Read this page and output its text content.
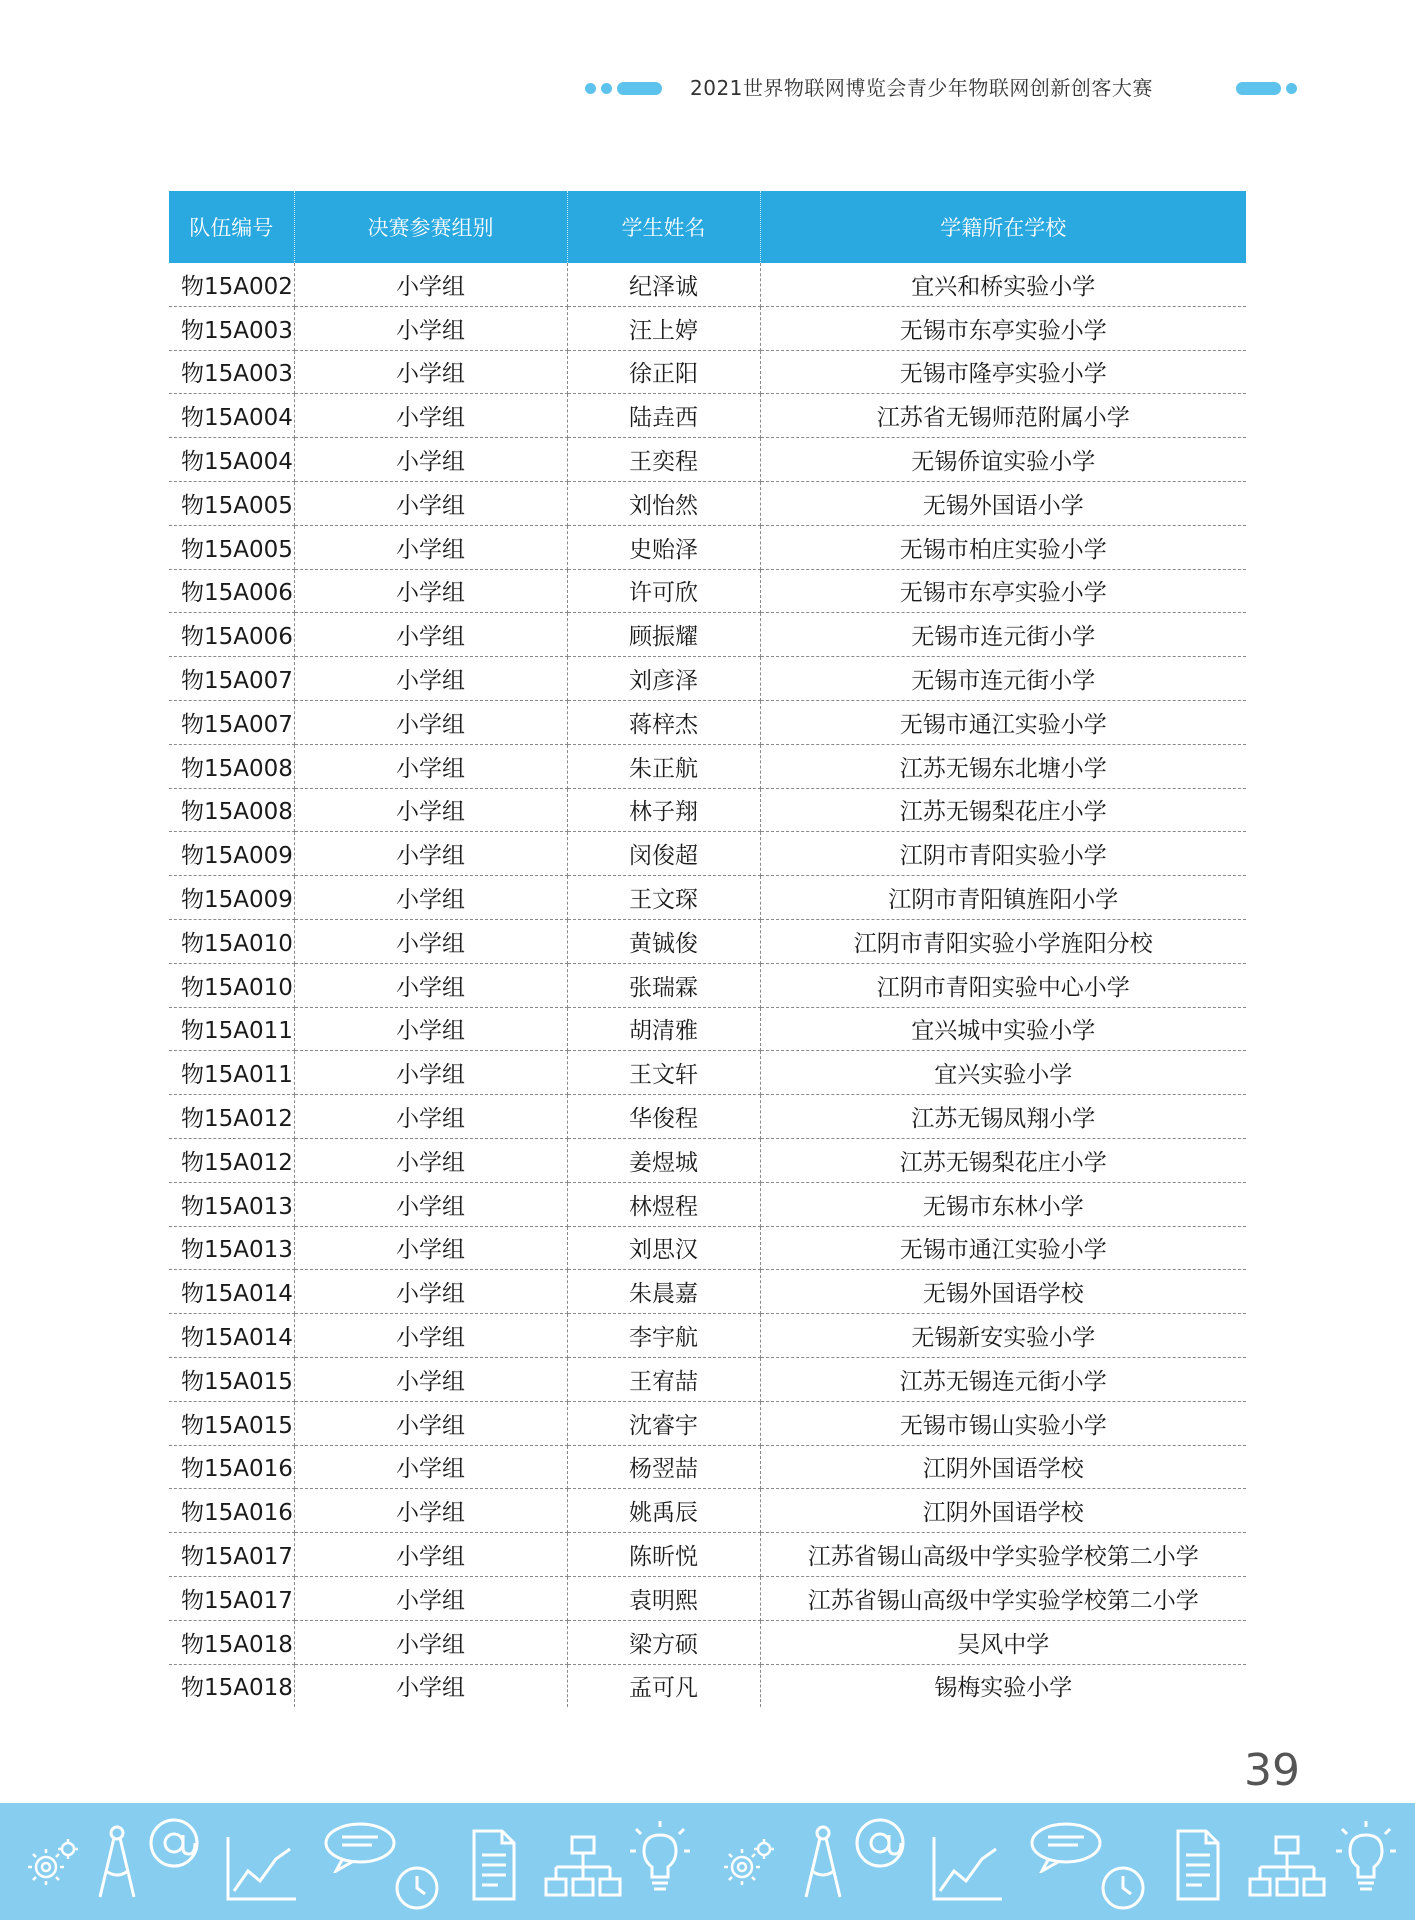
2021世界物联网博览会青少年物联网创新创客大赛
队伍编号	决赛参赛组别	学生姓名	学籍所在学校
物15A002	小学组	纪泽诚	宜兴和桥实验小学
物15A003	小学组	汪上婷	无锡市东亭实验小学
物15A003	小学组	徐正阳	无锡市隆亭实验小学
物15A004	小学组	陆垚西	江苏省无锡师范附属小学
物15A004	小学组	王奕程	无锡侨谊实验小学
物15A005	小学组	刘怡然	无锡外国语小学
物15A005	小学组	史贻泽	无锡市柏庄实验小学
物15A006	小学组	许可欣	无锡市东亭实验小学
物15A006	小学组	顾振耀	无锡市连元街小学
物15A007	小学组	刘彦泽	无锡市连元街小学
物15A007	小学组	蒋梓杰	无锡市通江实验小学
物15A008	小学组	朱正航	江苏无锡东北塘小学
物15A008	小学组	林子翔	江苏无锡梨花庄小学
物15A009	小学组	闵俊超	江阴市青阳实验小学
物15A009	小学组	王文琛	江阴市青阳镇旌阳小学
物15A010	小学组	黄铖俊	江阴市青阳实验小学旌阳分校
物15A010	小学组	张瑞霖	江阴市青阳实验中心小学
物15A011	小学组	胡清雅	宜兴城中实验小学
物15A011	小学组	王文轩	宜兴实验小学
物15A012	小学组	华俊程	江苏无锡凤翔小学
物15A012	小学组	姜煜城	江苏无锡梨花庄小学
物15A013	小学组	林煜程	无锡市东林小学
物15A013	小学组	刘思汉	无锡市通江实验小学
物15A014	小学组	朱晨嘉	无锡外国语学校
物15A014	小学组	李宇航	无锡新安实验小学
物15A015	小学组	王宥喆	江苏无锡连元街小学
物15A015	小学组	沈睿宇	无锡市锡山实验小学
物15A016	小学组	杨翌喆	江阴外国语学校
物15A016	小学组	姚禹辰	江阴外国语学校
物15A017	小学组	陈昕悦	江苏省锡山高级中学实验学校第二小学
物15A017	小学组	袁明熙	江苏省锡山高级中学实验学校第二小学
物15A018	小学组	梁方硕	吴风中学
物15A018	小学组	孟可凡	锡梅实验小学
39
